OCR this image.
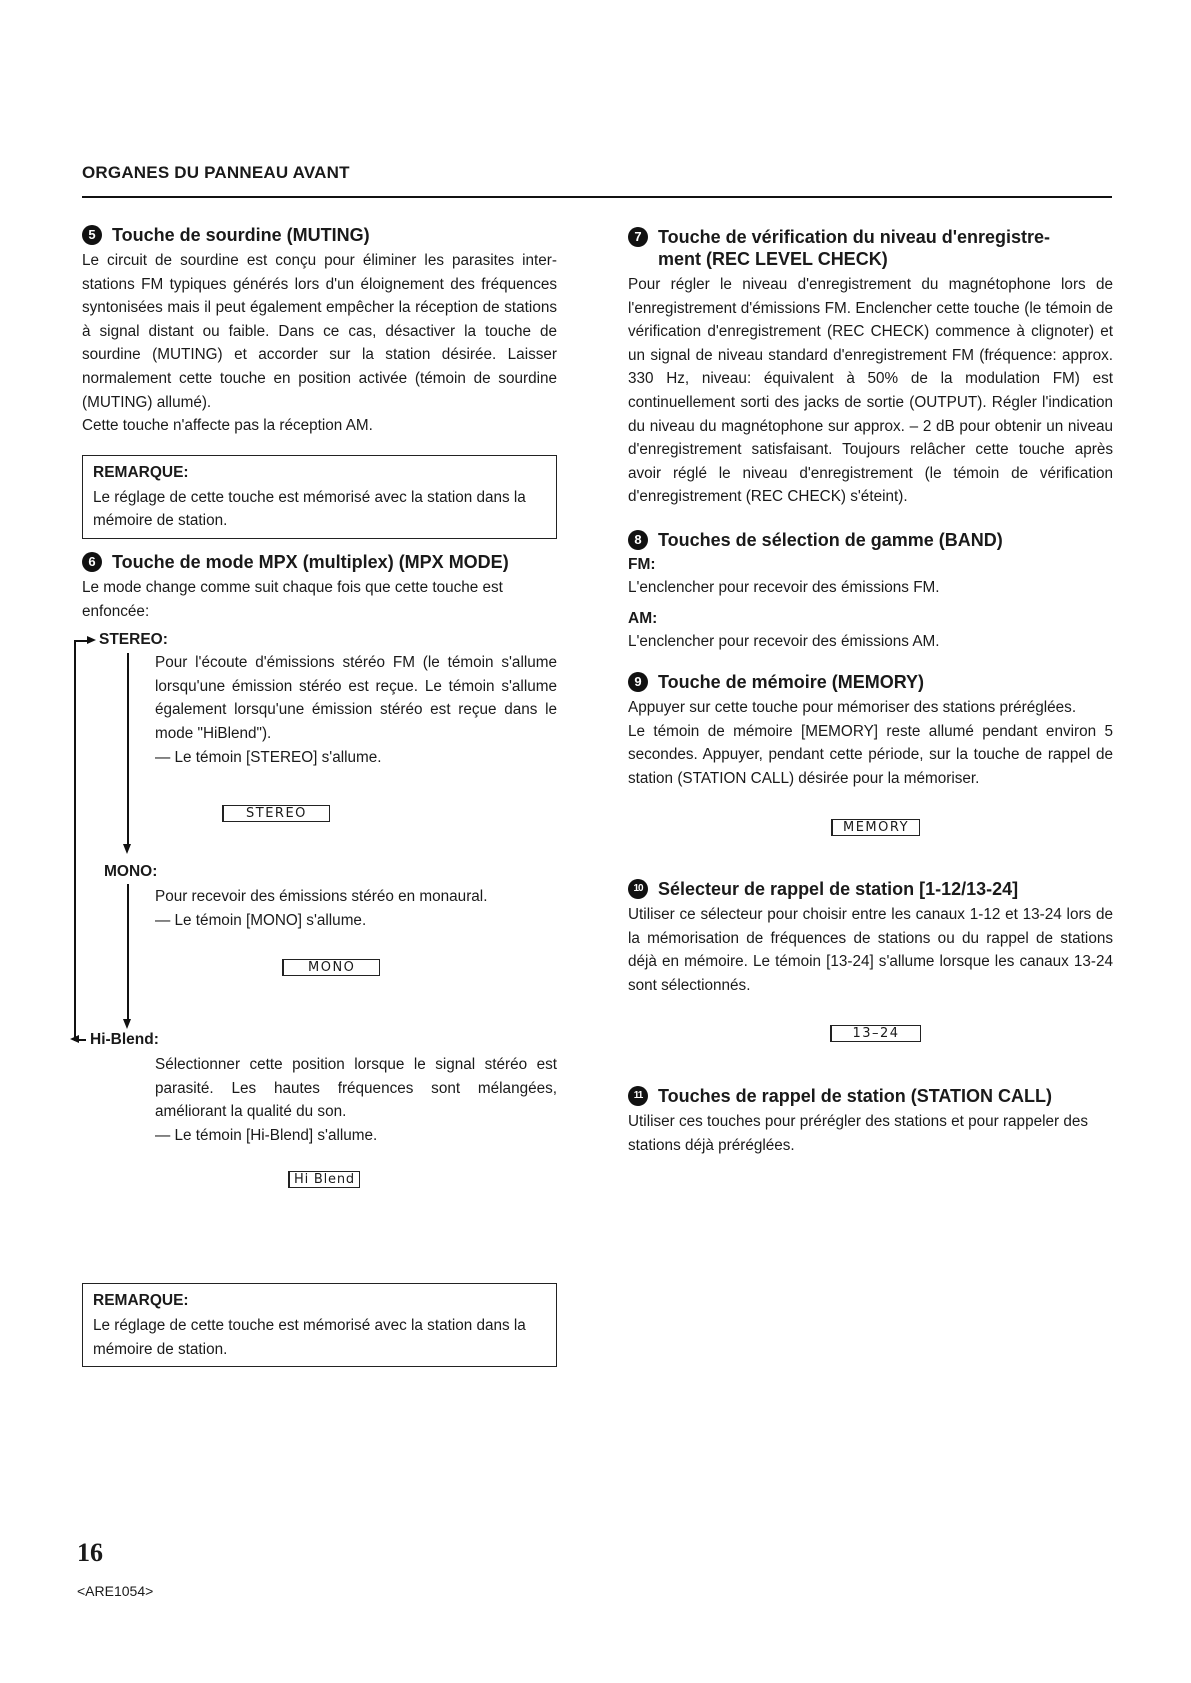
ORGANES DU PANNEAU AVANT
5 Touche de sourdine (MUTING)

Le circuit de sourdine est conçu pour éliminer les parasites inter-stations FM typiques générés lors d'un éloignement des fréquences syntonisées mais il peut également empêcher la réception de stations à signal distant ou faible. Dans ce cas, désactiver la touche de sourdine (MUTING) et accorder sur la station désirée. Laisser normalement cette touche en position activée (témoin de sourdine (MUTING) allumé).

Cette touche n'affecte pas la réception AM.

REMARQUE:
Le réglage de cette touche est mémorisé avec la station dans la mémoire de station.
6 Touche de mode MPX (multiplex) (MPX MODE)

Le mode change comme suit chaque fois que cette touche est enfoncée:

STEREO:

Pour l'écoute d'émissions stéréo FM (le témoin s'allume lorsqu'une émission stéréo est reçue. Le témoin s'allume également lorsqu'une émission stéréo est reçue dans le mode "HiBlend").

— Le témoin [STEREO] s'allume.

STEREO
MONO:

Pour recevoir des émissions stéréo en monaural.

— Le témoin [MONO] s'allume.

MONO
Hi-Blend:

Sélectionner cette position lorsque le signal stéréo est parasité. Les hautes fréquences sont mélangées, améliorant la qualité du son.

— Le témoin [Hi-Blend] s'allume.

Hi Blend
REMARQUE:
Le réglage de cette touche est mémorisé avec la station dans la mémoire de station.
7 Touche de vérification du niveau d'enregistre-
ment (REC LEVEL CHECK)

Pour régler le niveau d'enregistrement du magnétophone lors de l'enregistrement d'émissions FM. Enclencher cette touche (le témoin de vérification d'enregistrement (REC CHECK) commence à clignoter) et un signal de niveau standard d'enregistrement FM (fréquence: approx. 330 Hz, niveau: équivalent à 50% de la modulation FM) est continuellement sorti des jacks de sortie (OUTPUT). Régler l'indication du niveau du magnétophone sur approx. – 2 dB pour obtenir un niveau d'enregistrement satisfaisant. Toujours relâcher cette touche après avoir réglé le niveau d'enregistrement (le témoin de vérification d'enregistrement (REC CHECK) s'éteint).

8 Touches de sélection de gamme (BAND)
FM:

L'enclencher pour recevoir des émissions FM.

AM:

L'enclencher pour recevoir des émissions AM.

9 Touche de mémoire (MEMORY)

Appuyer sur cette touche pour mémoriser des stations préréglées.

Le témoin de mémoire [MEMORY] reste allumé pendant environ 5 secondes. Appuyer, pendant cette période, sur la touche de rappel de station (STATION CALL) désirée pour la mémoriser.

MEMORY
10 Sélecteur de rappel de station [1-12/13-24]

Utiliser ce sélecteur pour choisir entre les canaux 1-12 et 13-24 lors de la mémorisation de fréquences de stations ou du rappel de stations déjà en mémoire. Le témoin [13-24] s'allume lorsque les canaux 13-24 sont sélectionnés.

13–24
11 Touches de rappel de station (STATION CALL)

Utiliser ces touches pour prérégler des stations et pour rappeler des stations déjà préréglées.

16
<ARE1054>
